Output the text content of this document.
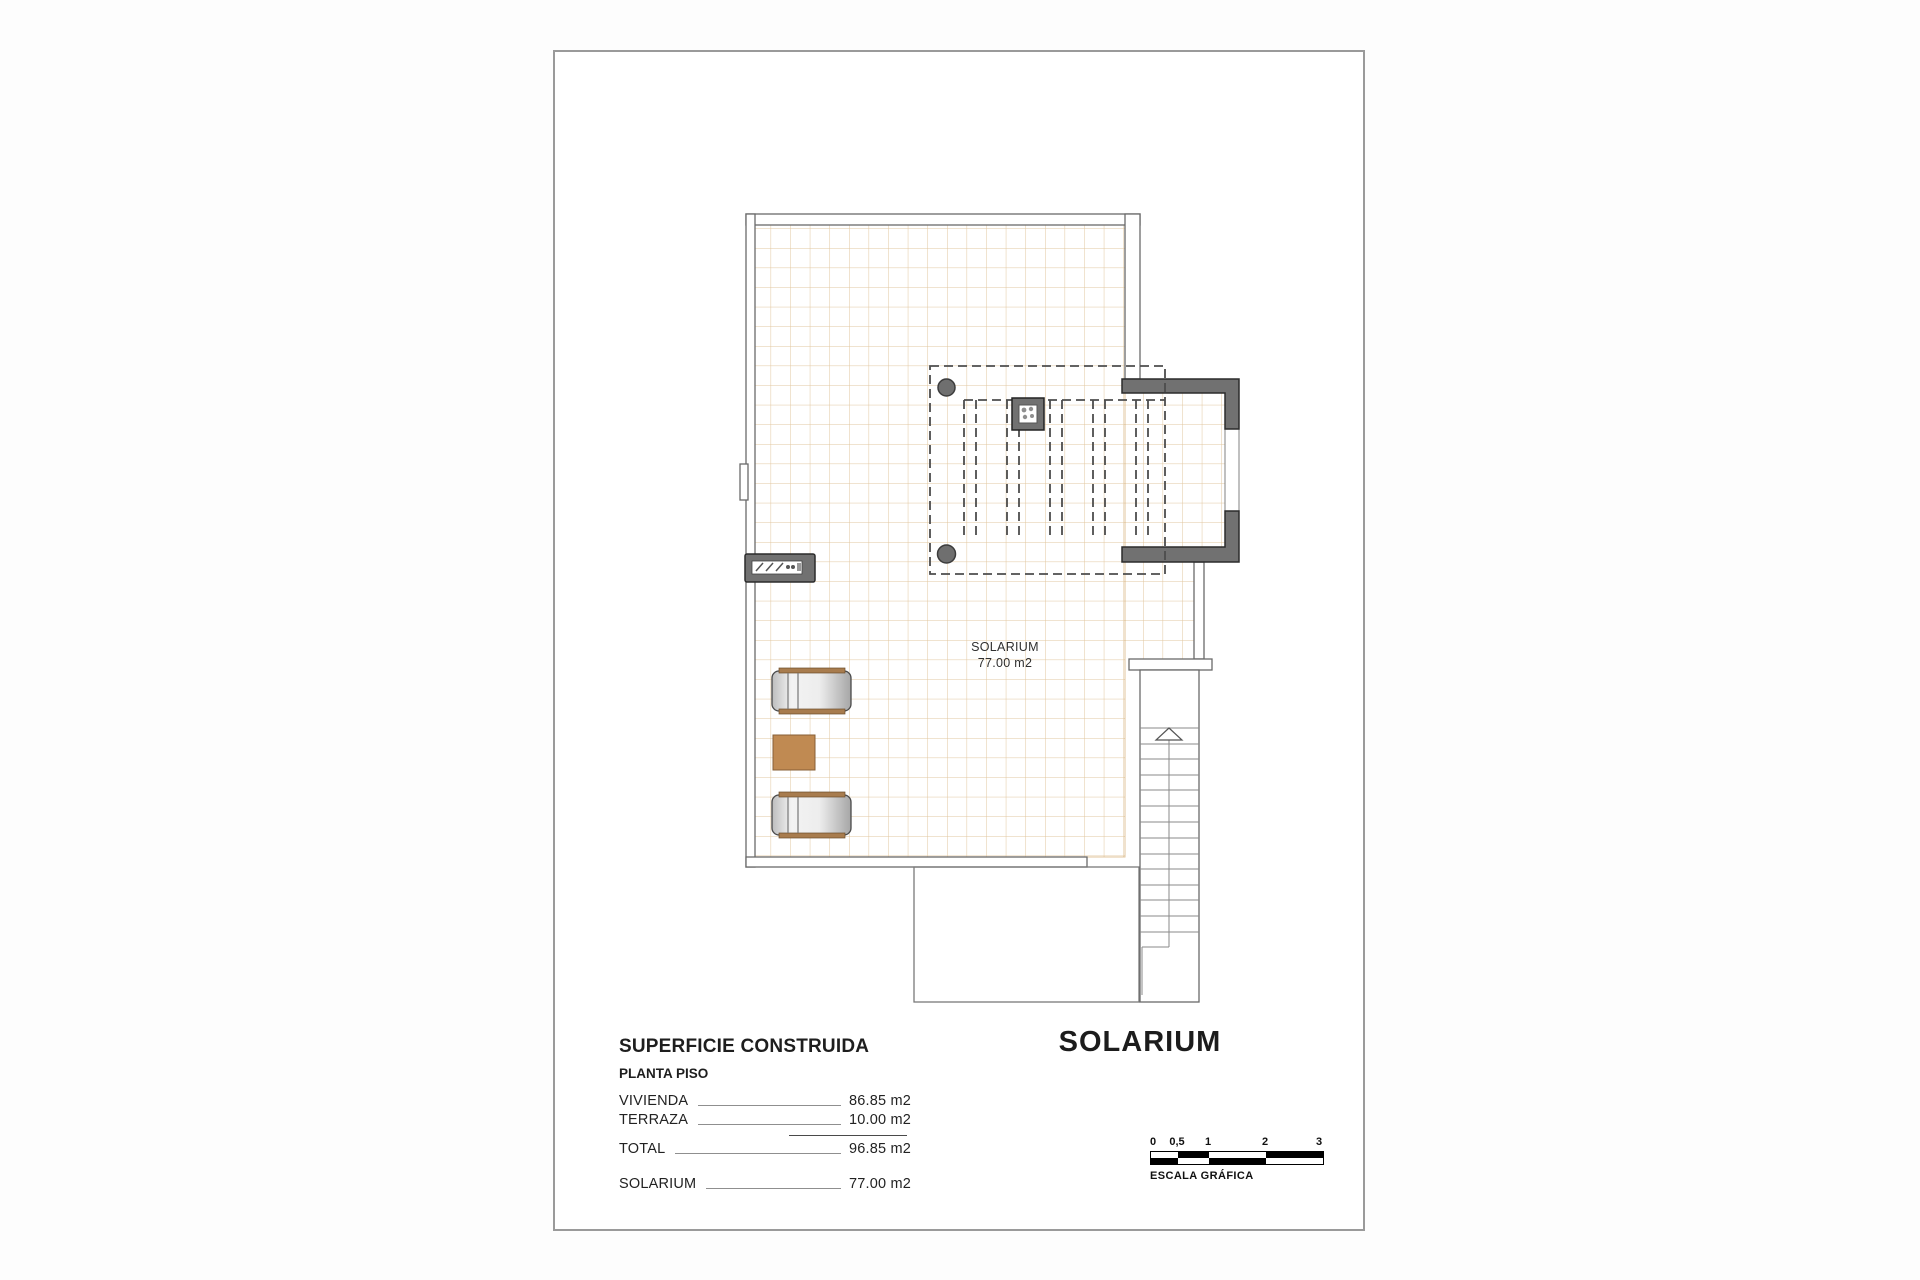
SOLARIUM
77.00 m2
SUPERFICIE CONSTRUIDA
PLANTA PISO
VIVIENDA	86.85 m2
TERRAZA	10.00 m2
TOTAL	96.85 m2
SOLARIUM	77.00 m2
SOLARIUM
0 0,5 1	2	3
ESCALA GRÁFICA
